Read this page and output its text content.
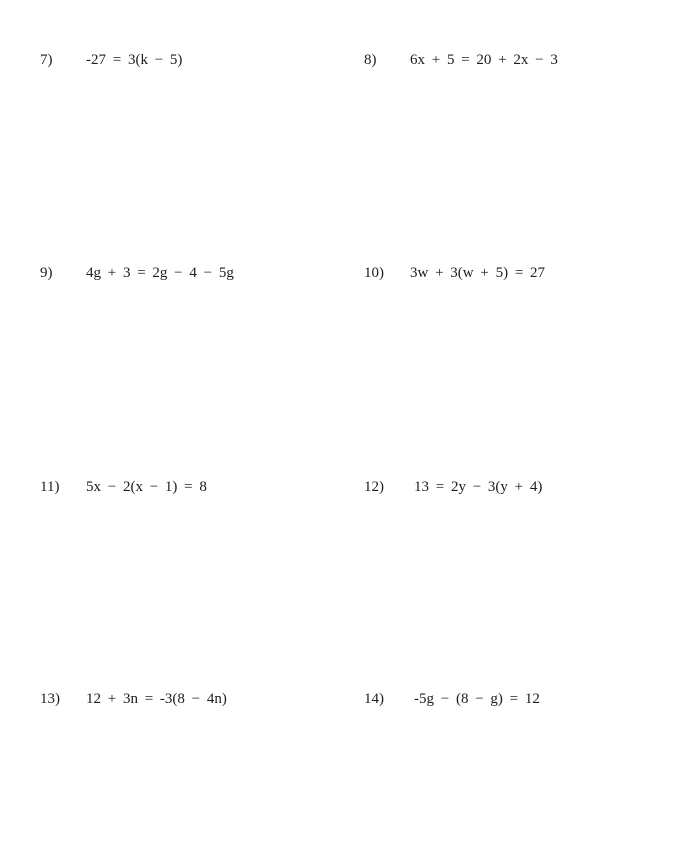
7) -27 = 3(k − 5)	8) 6x + 5 = 20 + 2x − 3
9) 4g + 3 = 2g − 4 − 5g	10) 3w + 3(w + 5) = 27
11) 5x − 2(x − 1) = 8	12) 13 = 2y − 3(y + 4)
13) 12 + 3n = -3(8 − 4n)	14) -5g − (8 − g) = 12
